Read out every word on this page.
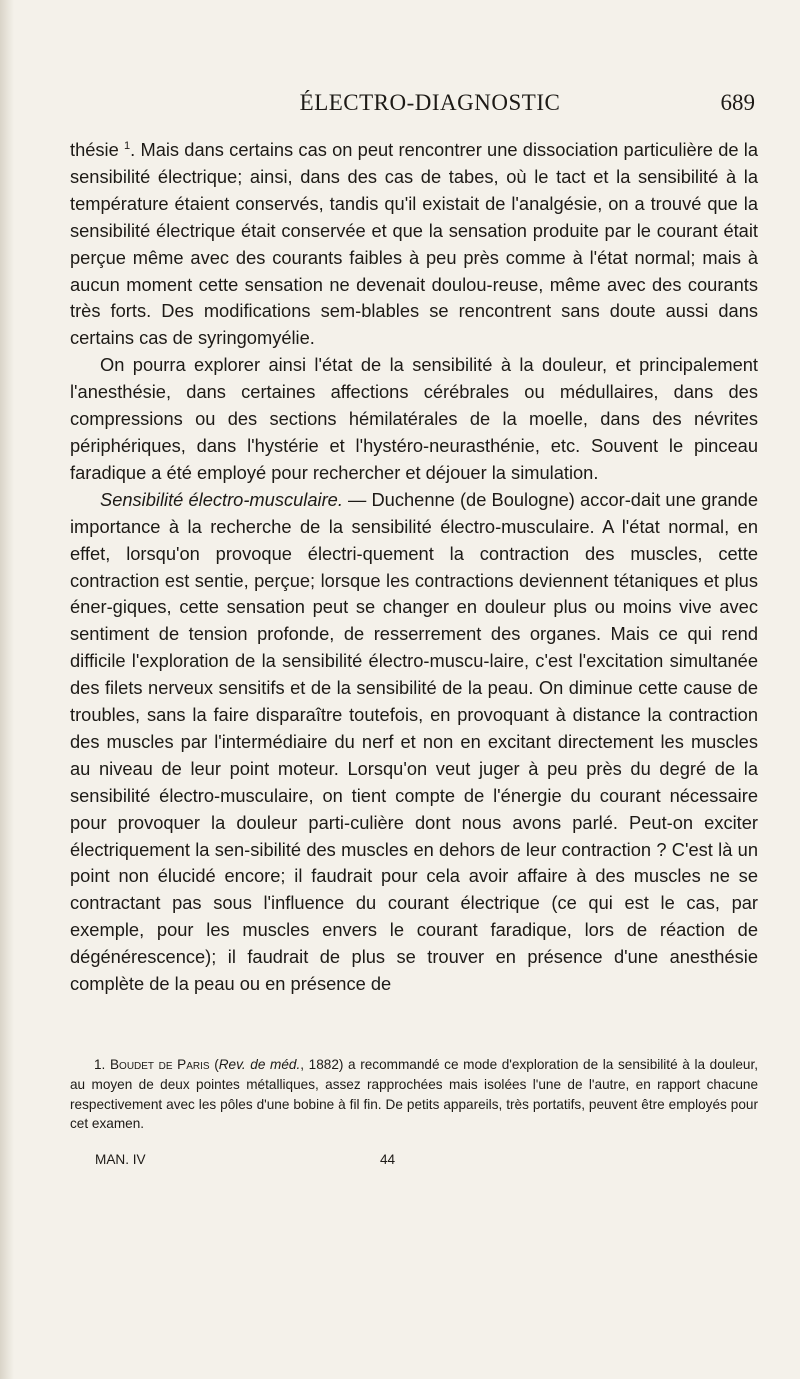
ÉLECTRO-DIAGNOSTIC	689

thésie $^1$. Mais dans certains cas on peut rencontrer une dissociation particulière de la sensibilité électrique; ainsi, dans des cas de tabes, où le tact et la sensibilité à la température étaient conservés, tandis qu'il existait de l'analgésie, on a trouvé que la sensibilité électrique était conservée et que la sensation produite par le courant était perçue même avec des courants faibles à peu près comme à l'état normal; mais à aucun moment cette sensation ne devenait doulou-reuse, même avec des courants très forts. Des modifications sem-blables se rencontrent sans doute aussi dans certains cas de syringomyélie.

On pourra explorer ainsi l'état de la sensibilité à la douleur, et principalement l'anesthésie, dans certaines affections cérébrales ou médullaires, dans des compressions ou des sections hémilatérales de la moelle, dans des névrites périphériques, dans l'hystérie et l'hystéro-neurasthénie, etc. Souvent le pinceau faradique a été employé pour rechercher et déjouer la simulation.

Sensibilité électro-musculaire. — Duchenne (de Boulogne) accor-dait une grande importance à la recherche de la sensibilité électro-musculaire. A l'état normal, en effet, lorsqu'on provoque électri-quement la contraction des muscles, cette contraction est sentie, perçue; lorsque les contractions deviennent tétaniques et plus éner-giques, cette sensation peut se changer en douleur plus ou moins vive avec sentiment de tension profonde, de resserrement des organes. Mais ce qui rend difficile l'exploration de la sensibilité électro-muscu-laire, c'est l'excitation simultanée des filets nerveux sensitifs et de la sensibilité de la peau. On diminue cette cause de troubles, sans la faire disparaître toutefois, en provoquant à distance la contraction des muscles par l'intermédiaire du nerf et non en excitant directement les muscles au niveau de leur point moteur. Lorsqu'on veut juger à peu près du degré de la sensibilité électro-musculaire, on tient compte de l'énergie du courant nécessaire pour provoquer la douleur parti-culière dont nous avons parlé. Peut-on exciter électriquement la sen-sibilité des muscles en dehors de leur contraction ? C'est là un point non élucidé encore; il faudrait pour cela avoir affaire à des muscles ne se contractant pas sous l'influence du courant électrique (ce qui est le cas, par exemple, pour les muscles envers le courant faradique, lors de réaction de dégénérescence); il faudrait de plus se trouver en présence d'une anesthésie complète de la peau ou en présence de

1. Boudet de Paris (Rev. de méd., 1882) a recommandé ce mode d'exploration de la sensibilité à la douleur, au moyen de deux pointes métalliques, assez rapprochées mais isolées l'une de l'autre, en rapport chacune respectivement avec les pôles d'une bobine à fil fin. De petits appareils, très portatifs, peuvent être employés pour cet examen.

MAN. IV	44
